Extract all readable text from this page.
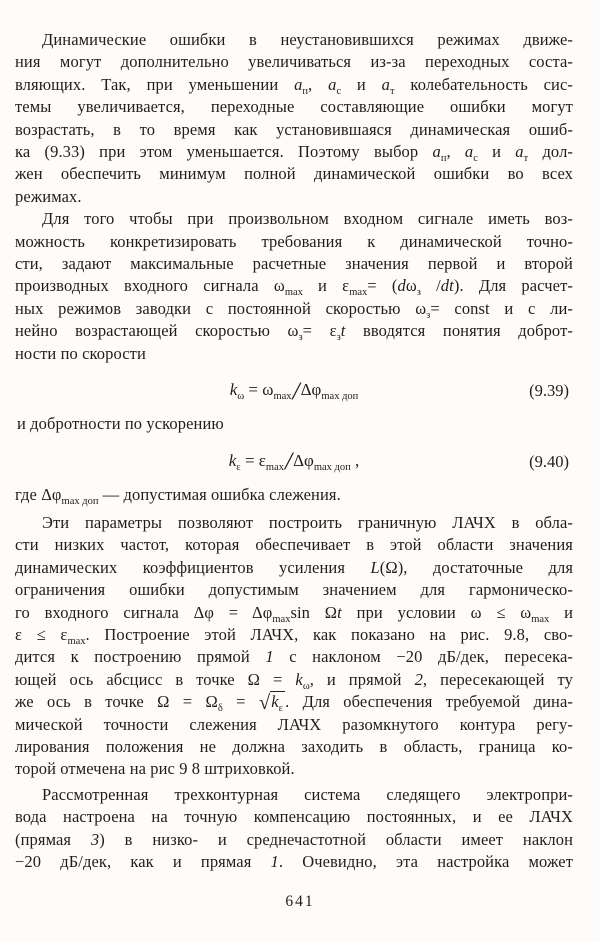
Динамические ошибки в неустановившихся режимах движе-
ния могут дополнительно увеличиваться из-за переходных соста-
вляющих. Так, при уменьшении $a_п$, $a_с$ и $a_т$ колебательность сис-
темы увеличивается, переходные составляющие ошибки могут
возрастать, в то время как установившаяся динамическая ошиб-
ка (9.33) при этом уменьшается. Поэтому выбор $a_п$, $a_с$ и $a_т$ дол-
жен обеспечить минимум полной динамической ошибки во всех
режимах.
Для того чтобы при произвольном входном сигнале иметь воз-
можность конкретизировать требования к динамической точно-
сти, задают максимальные расчетные значения первой и второй
производных входного сигнала $\omega_{max}$ и $\varepsilon_{max}= (d\omega_з$ /dt). Для расчет-
ных режимов заводки с постоянной скоростью $\omega_з=$ const и с ли-
нейно возрастающей скоростью $\omega_з= \varepsilon_зt$ вводятся понятия доброт-
ности по скорости
$k_\omega = \omega_{max}/\Delta\varphi_{max доп}$	(9.39)
и добротности по ускорению
$k_\varepsilon = \varepsilon_{max}/\Delta\varphi_{max доп}$ ,	(9.40)
где $\Delta\varphi_{max доп}$ — допустимая ошибка слежения.
Эти параметры позволяют построить граничную ЛАЧХ в обла-
сти низких частот, которая обеспечивает в этой области значения
динамических коэффициентов усиления L(Ω), достаточные для
ограничения ошибки допустимым значением для гармоническо-
го входного сигнала $\Delta\varphi = \Delta\varphi_{max}\sin$ Ωt при условии $\omega \le \omega_{max}$ и
$\varepsilon \le \varepsilon_{max}$. Построение этой ЛАЧХ, как показано на рис. 9.8, сво-
дится к построению прямой 1 с наклоном −20 дБ/дек, пересека-
ющей ось абсцисс в точке $\Omega = k_\omega$, и прямой 2, пересекающей ту
же ось в точке $\Omega = \Omega_\delta = √k_\varepsilon$ . Для обеспечения требуемой дина-
мической точности слежения ЛАЧХ разомкнутого контура регу-
лирования положения не должна заходить в область, граница ко-
торой отмечена на рис 9 8 штриховкой.
Рассмотренная трехконтурная система следящего электропри-
вода настроена на точную компенсацию постоянных, и ее ЛАЧХ
(прямая 3) в низко- и среднечастотной области имеет наклон
−20 дБ/дек, как и прямая 1. Очевидно, эта настройка может
641
